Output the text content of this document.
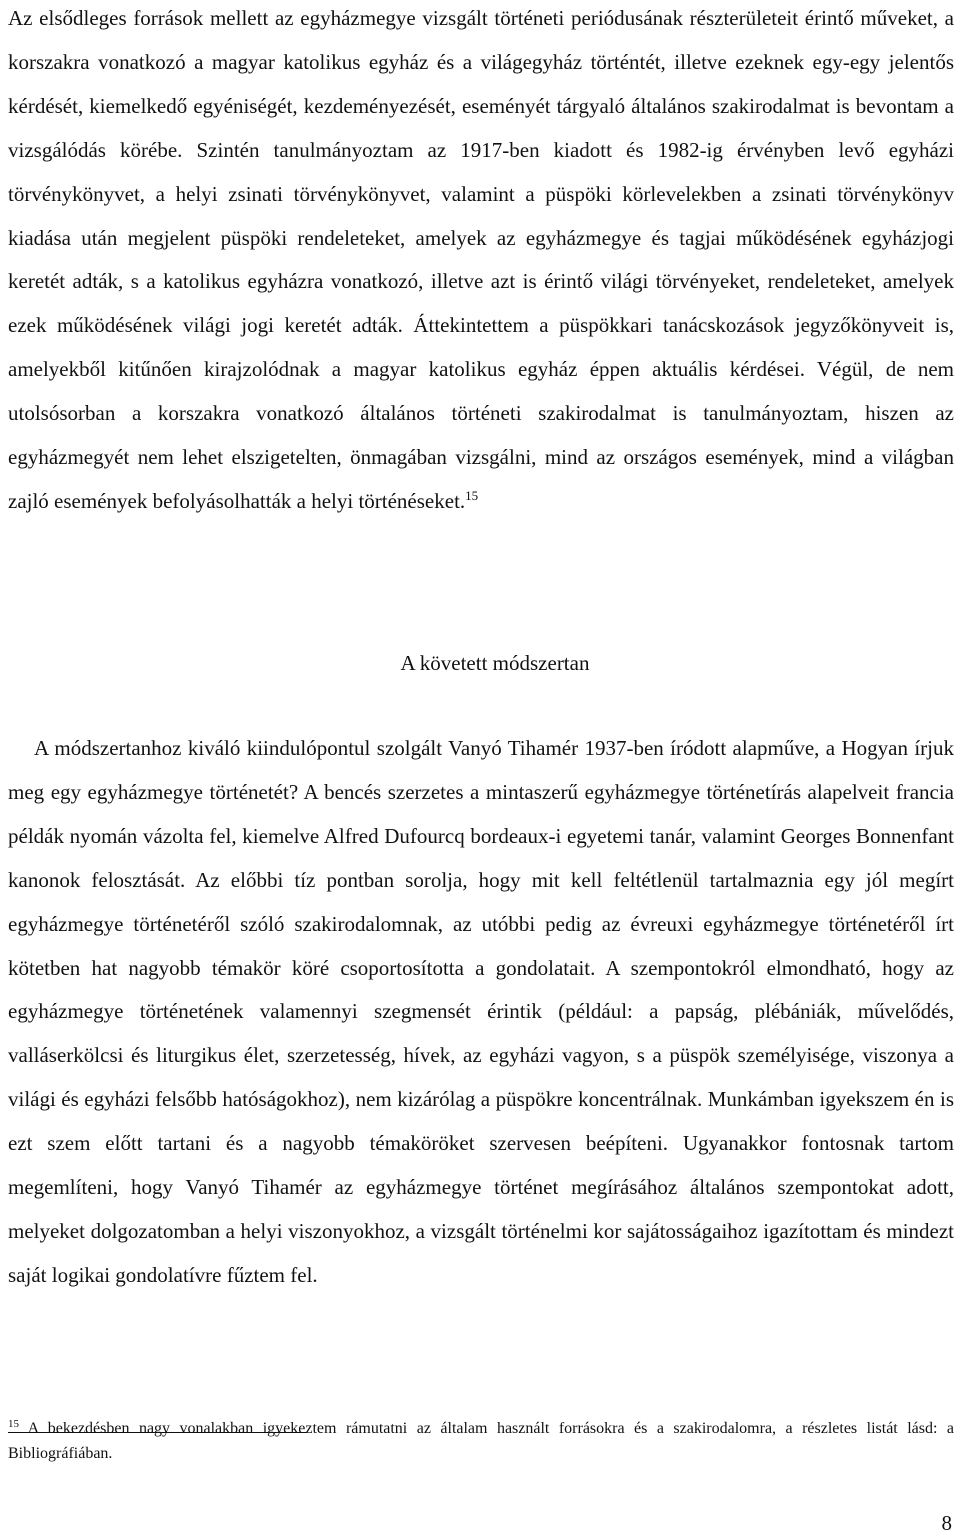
Az elsődleges források mellett az egyházmegye vizsgált történeti periódusának részterületeit érintő műveket, a korszakra vonatkozó a magyar katolikus egyház és a világegyház történtét, illetve ezeknek egy-egy jelentős kérdését, kiemelkedő egyéniségét, kezdeményezését, eseményét tárgyaló általános szakirodalmat is bevontam a vizsgálódás körébe. Szintén tanulmányoztam az 1917-ben kiadott és 1982-ig érvényben levő egyházi törvénykönyvet, a helyi zsinati törvénykönyvet, valamint a püspöki körlevelekben a zsinati törvénykönyv kiadása után megjelent püspöki rendeleteket, amelyek az egyházmegye és tagjai működésének egyházjogi keretét adták, s a katolikus egyházra vonatkozó, illetve azt is érintő világi törvényeket, rendeleteket, amelyek ezek működésének világi jogi keretét adták. Áttekintettem a püspökkari tanácskozások jegyzőkönyveit is, amelyekből kitűnően kirajzolódnak a magyar katolikus egyház éppen aktuális kérdései. Végül, de nem utolsósorban a korszakra vonatkozó általános történeti szakirodalmat is tanulmányoztam, hiszen az egyházmegyét nem lehet elszigetelten, önmagában vizsgálni, mind az országos események, mind a világban zajló események befolyásolhatták a helyi történéseket.$^{15}$

A követett módszertan

A módszertanhoz kiváló kiindulópontul szolgált Vanyó Tihamér 1937-ben íródott alapműve, a Hogyan írjuk meg egy egyházmegye történetét? A bencés szerzetes a mintaszerű egyházmegye történetírás alapelveit francia példák nyomán vázolta fel, kiemelve Alfred Dufourcq bordeaux-i egyetemi tanár, valamint Georges Bonnenfant kanonok felosztását. Az előbbi tíz pontban sorolja, hogy mit kell feltétlenül tartalmaznia egy jól megírt egyházmegye történetéről szóló szakirodalomnak, az utóbbi pedig az évreuxi egyházmegye történetéről írt kötetben hat nagyobb témakör köré csoportosította a gondolatait. A szempontokról elmondható, hogy az egyházmegye történetének valamennyi szegmensét érintik (például: a papság, plébániák, művelődés, valláserkölcsi és liturgikus élet, szerzetesség, hívek, az egyházi vagyon, s a püspök személyisége, viszonya a világi és egyházi felsőbb hatóságokhoz), nem kizárólag a püspökre koncentrálnak. Munkámban igyekszem én is ezt szem előtt tartani és a nagyobb témaköröket szervesen beépíteni. Ugyanakkor fontosnak tartom megemlíteni, hogy Vanyó Tihamér az egyházmegye történet megírásához általános szempontokat adott, melyeket dolgozatomban a helyi viszonyokhoz, a vizsgált történelmi kor sajátosságaihoz igazítottam és mindezt saját logikai gondolatívre fűztem fel.

$^{15}$ A bekezdésben nagy vonalakban igyekeztem rámutatni az általam használt forrásokra és a szakirodalomra, a részletes listát lásd: a Bibliográfiában.

8
